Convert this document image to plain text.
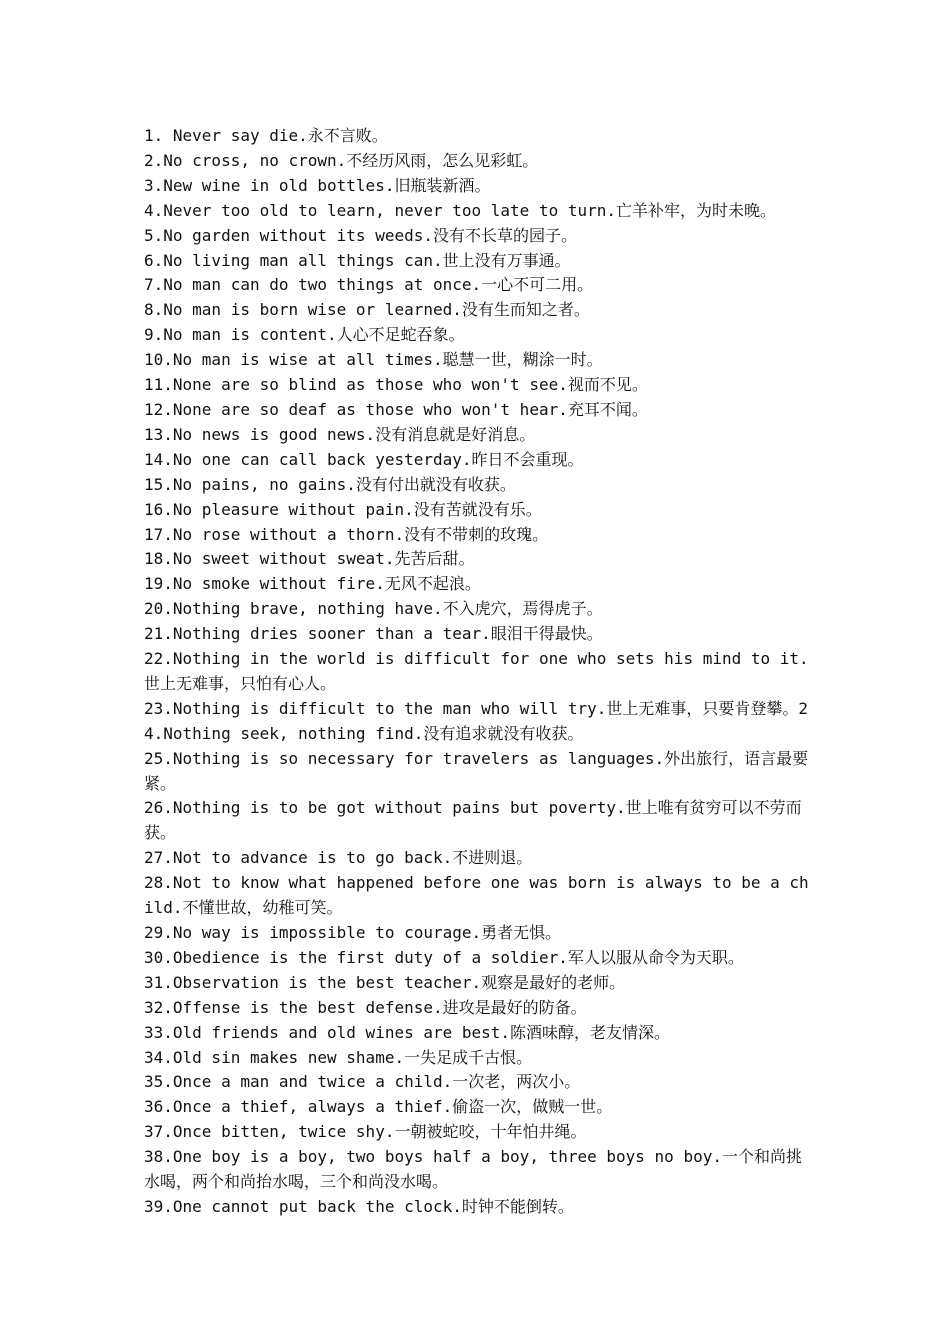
1. Never say die.永不言败。
2.No cross, no crown.不经历风雨，怎么见彩虹。
3.New wine in old bottles.旧瓶装新酒。
4.Never too old to learn, never too late to turn.亡羊补牢，为时未晚。
5.No garden without its weeds.没有不长草的园子。
6.No living man all things can.世上没有万事通。
7.No man can do two things at once.一心不可二用。
8.No man is born wise or learned.没有生而知之者。
9.No man is content.人心不足蛇吞象。
10.No man is wise at all times.聪慧一世，糊涂一时。
11.None are so blind as those who won't see.视而不见。
12.None are so deaf as those who won't hear.充耳不闻。
13.No news is good news.没有消息就是好消息。
14.No one can call back yesterday.昨日不会重现。
15.No pains, no gains.没有付出就没有收获。
16.No pleasure without pain.没有苦就没有乐。
17.No rose without a thorn.没有不带刺的玫瑰。
18.No sweet without sweat.先苦后甜。
19.No smoke without fire.无风不起浪。
20.Nothing brave, nothing have.不入虎穴，焉得虎子。
21.Nothing dries sooner than a tear.眼泪干得最快。
22.Nothing in the world is difficult for one who sets his mind to it.世上无难事，只怕有心人。
23.Nothing is difficult to the man who will try.世上无难事，只要肯登攀。24.Nothing seek, nothing find.没有追求就没有收获。
25.Nothing is so necessary for travelers as languages.外出旅行，语言最要紧。
26.Nothing is to be got without pains but poverty.世上唯有贫穷可以不劳而获。
27.Not to advance is to go back.不进则退。
28.Not to know what happened before one was born is always to be a child.不懂世故，幼稚可笑。
29.No way is impossible to courage.勇者无惧。
30.Obedience is the first duty of a soldier.军人以服从命令为天职。
31.Observation is the best teacher.观察是最好的老师。
32.Offense is the best defense.进攻是最好的防备。
33.Old friends and old wines are best.陈酒味醇，老友情深。
34.Old sin makes new shame.一失足成千古恨。
35.Once a man and twice a child.一次老，两次小。
36.Once a thief, always a thief.偷盗一次，做贼一世。
37.Once bitten, twice shy.一朝被蛇咬，十年怕井绳。
38.One boy is a boy, two boys half a boy, three boys no boy.一个和尚挑水喝，两个和尚抬水喝，三个和尚没水喝。
39.One cannot put back the clock.时钟不能倒转。
